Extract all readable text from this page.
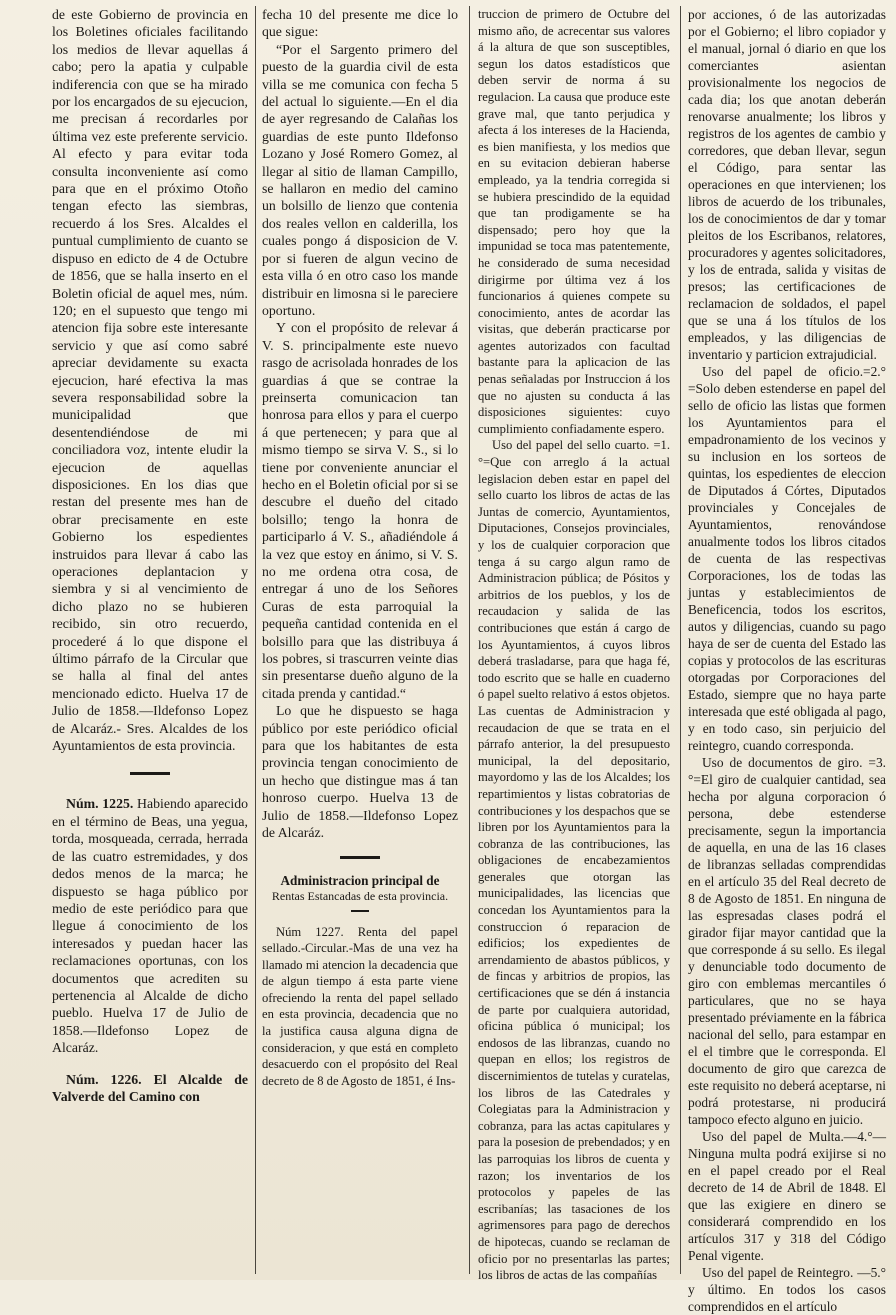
de este Gobierno de provincia en los Boletines oficiales facilitando los medios de llevar aquellas á cabo; pero la apatia y culpable indiferencia con que se ha mirado por los encargados de su ejecucion, me precisan á recordarles por última vez este preferente servicio. Al efecto y para evitar toda consulta inconveniente así como para que en el próximo Otoño tengan efecto las siembras, recuerdo á los Sres. Alcaldes el puntual cumplimiento de cuanto se dispuso en edicto de 4 de Octubre de 1856, que se halla inserto en el Boletin oficial de aquel mes, núm. 120; en el supuesto que tengo mi atencion fija sobre este interesante servicio y que así como sabré apreciar devidamente su exacta ejecucion, haré efectiva la mas severa responsabilidad sobre la municipalidad que desentendiéndose de mi conciliadora voz, intente eludir la ejecucion de aquellas disposiciones. En los dias que restan del presente mes han de obrar precisamente en este Gobierno los espedientes instruidos para llevar á cabo las operaciones deplantacion y siembra y si al vencimiento de dicho plazo no se hubieren recibido, sin otro recuerdo, procederé á lo que dispone el último párrafo de la Circular que se halla al final del antes mencionado edicto. Huelva 17 de Julio de 1858.—Ildefonso Lopez de Alcaráz.- Sres. Alcaldes de los Ayuntamientos de esta provincia.

Núm. 1225. Habiendo aparecido en el término de Beas, una yegua, torda, mosqueada, cerrada, herrada de las cuatro estremidades, y dos dedos menos de la marca; he dispuesto se haga público por medio de este periódico para que llegue á conocimiento de los interesados y puedan hacer las reclamaciones oportunas, con los documentos que acrediten su pertenencia al Alcalde de dicho pueblo. Huelva 17 de Julio de 1858.—Ildefonso Lopez de Alcaráz.

Núm. 1226. El Alcalde de Valverde del Camino con

fecha 10 del presente me dice lo que sigue:

“Por el Sargento primero del puesto de la guardia civil de esta villa se me comunica con fecha 5 del actual lo siguiente.—En el dia de ayer regresando de Calañas los guardias de este punto Ildefonso Lozano y José Romero Gomez, al llegar al sitio de llaman Campillo, se hallaron en medio del camino un bolsillo de lienzo que contenia dos reales vellon en calderilla, los cuales pongo á disposicion de V. por si fueren de algun vecino de esta villa ó en otro caso los mande distribuir en limosna si le pareciere oportuno.

Y con el propósito de relevar á V. S. principalmente este nuevo rasgo de acrisolada honrades de los guardias á que se contrae la preinserta comunicacion tan honrosa para ellos y para el cuerpo á que pertenecen; y para que al mismo tiempo se sirva V. S., si lo tiene por conveniente anunciar el hecho en el Boletin oficial por si se descubre el dueño del citado bolsillo; tengo la honra de participarlo á V. S., añadiéndole á la vez que estoy en ánimo, si V. S. no me ordena otra cosa, de entregar á uno de los Señores Curas de esta parroquial la pequeña cantidad contenida en el bolsillo para que las distribuya á los pobres, si trascurren veinte dias sin presentarse dueño alguno de la citada prenda y cantidad.“

Lo que he dispuesto se haga público por este periódico oficial para que los habitantes de esta provincia tengan conocimiento de un hecho que distingue mas á tan honroso cuerpo. Huelva 13 de Julio de 1858.—Ildefonso Lopez de Alcaráz.

Administracion principal de

Rentas Estancadas de esta provincia.

Núm 1227. Renta del papel sellado.-Circular.-Mas de una vez ha llamado mi atencion la decadencia que de algun tiempo á esta parte viene ofreciendo la renta del papel sellado en esta provincia, decadencia que no la justifica causa alguna digna de consideracion, y que está en completo desacuerdo con el propósito del Real decreto de 8 de Agosto de 1851, é Ins-

truccion de primero de Octubre del mismo año, de acrecentar sus valores á la altura de que son susceptibles, segun los datos estadísticos que deben servir de norma á su regulacion. La causa que produce este grave mal, que tanto perjudica y afecta á los intereses de la Hacienda, es bien manifiesta, y los medios que en su evitacion debieran haberse empleado, ya la tendria corregida si se hubiera prescindido de la equidad que tan prodigamente se ha dispensado; pero hoy que la impunidad se toca mas patentemente, he considerado de suma necesidad dirigirme por última vez á los funcionarios á quienes compete su conocimiento, antes de acordar las visitas, que deberán practicarse por agentes autorizados con facultad bastante para la aplicacion de las penas señaladas por Instruccion á los que no ajusten su conducta á las disposiciones siguientes: cuyo cumplimiento confiadamente espero.

Uso del papel del sello cuarto. =1.°=Que con arreglo á la actual legislacion deben estar en papel del sello cuarto los libros de actas de las Juntas de comercio, Ayuntamientos, Diputaciones, Consejos provinciales, y los de cualquier corporacion que tenga á su cargo algun ramo de Administracion pública; de Pósitos y arbitrios de los pueblos, y los de recaudacion y salida de las contribuciones que están á cargo de los Ayuntamientos, á cuyos libros deberá trasladarse, para que haga fé, todo escrito que se halle en cuaderno ó papel suelto relativo á estos objetos. Las cuentas de Administracion y recaudacion de que se trata en el párrafo anterior, la del presupuesto municipal, la del depositario, mayordomo y las de los Alcaldes; los repartimientos y listas cobratorias de contribuciones y los despachos que se libren por los Ayuntamientos para la cobranza de las contribuciones, las obligaciones de encabezamientos generales que otorgan las municipalidades, las licencias que concedan los Ayuntamientos para la construccion ó reparacion de edificios; los expedientes de arrendamiento de abastos públicos, y de fincas y arbitrios de propios, las certificaciones que se dén á instancia de parte por cualquiera autoridad, oficina pública ó municipal; los endosos de las libranzas, cuando no quepan en ellos; los registros de discernimientos de tutelas y curatelas, los libros de las Catedrales y Colegiatas para la Administracion y cobranza, para las actas capitulares y para la posesion de prebendados; y en las parroquias los libros de cuenta y razon; los inventarios de los protocolos y papeles de las escribanías; las tasaciones de los agrimensores para pago de derechos de hipotecas, cuando se reclaman de oficio por no presentarlas las partes; los libros de actas de las compañías

por acciones, ó de las autorizadas por el Gobierno; el libro copiador y el manual, jornal ó diario en que los comerciantes asientan provisionalmente los negocios de cada dia; los que anotan deberán renovarse anualmente; los libros y registros de los agentes de cambio y corredores, que deban llevar, segun el Código, para sentar las operaciones en que intervienen; los libros de acuerdo de los tribunales, los de conocimientos de dar y tomar pleitos de los Escribanos, relatores, procuradores y agentes solicitadores, y los de entrada, salida y visitas de presos; las certificaciones de reclamacion de soldados, el papel que se una á los títulos de los empleados, y las diligencias de inventario y particion extrajudicial.

Uso del papel de oficio.=2.° =Solo deben estenderse en papel del sello de oficio las listas que formen los Ayuntamientos para el empadronamiento de los vecinos y su inclusion en los sorteos de quintas, los espedientes de eleccion de Diputados á Córtes, Diputados provinciales y Concejales de Ayuntamientos, renovándose anualmente todos los libros citados de cuenta de las respectivas Corporaciones, los de todas las juntas y establecimientos de Beneficencia, todos los escritos, autos y diligencias, cuando su pago haya de ser de cuenta del Estado las copias y protocolos de las escrituras otorgadas por Corporaciones del Estado, siempre que no haya parte interesada que esté obligada al pago, y en todo caso, sin perjuicio del reintegro, cuando corresponda.

Uso de documentos de giro. =3.°=El giro de cualquier cantidad, sea hecha por alguna corporacion ó persona, debe estenderse precisamente, segun la importancia de aquella, en una de las 16 clases de libranzas selladas comprendidas en el artículo 35 del Real decreto de 8 de Agosto de 1851. En ninguna de las espresadas clases podrá el girador fijar mayor cantidad que la que corresponde á su sello. Es ilegal y denunciable todo documento de giro con emblemas mercantiles ó particulares, que no se haya presentado préviamente en la fábrica nacional del sello, para estampar en el el timbre que le corresponda. El documento de giro que carezca de este requisito no deberá aceptarse, ni podrá protestarse, ni producirá tampoco efecto alguno en juicio.

Uso del papel de Multa.—4.°— Ninguna multa podrá exijirse si no en el papel creado por el Real decreto de 14 de Abril de 1848. El que las exigiere en dinero se considerará comprendido en los artículos 317 y 318 del Código Penal vigente.

Uso del papel de Reintegro. —5.° y último. En todos los casos comprendidos en el artículo
